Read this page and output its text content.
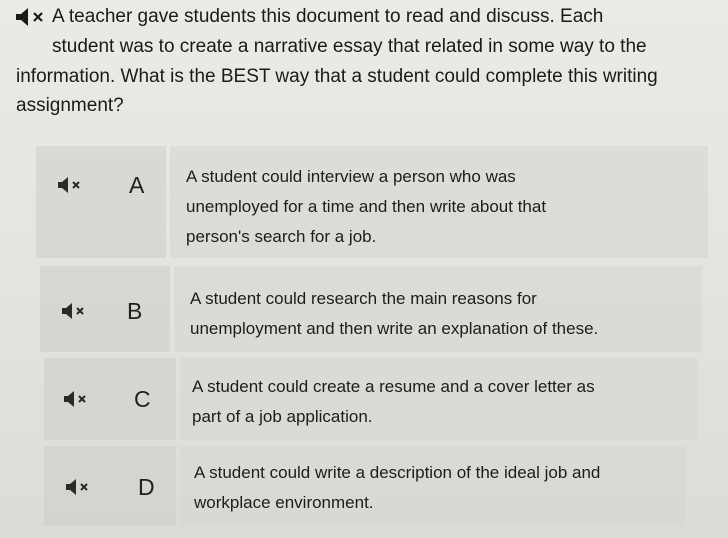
A teacher gave students this document to read and discuss. Each
student was to create a narrative essay that related in some way to the
information. What is the BEST way that a student could complete this writing
assignment?
A A student could interview a person who was
unemployed for a time and then write about that
person's search for a job.
B	A student could research the main reasons for
unemployment and then write an explanation of these.
C A student could create a resume and a cover letter as
part of a job application.
D
A student could write a description of the ideal job and
workplace environment.
